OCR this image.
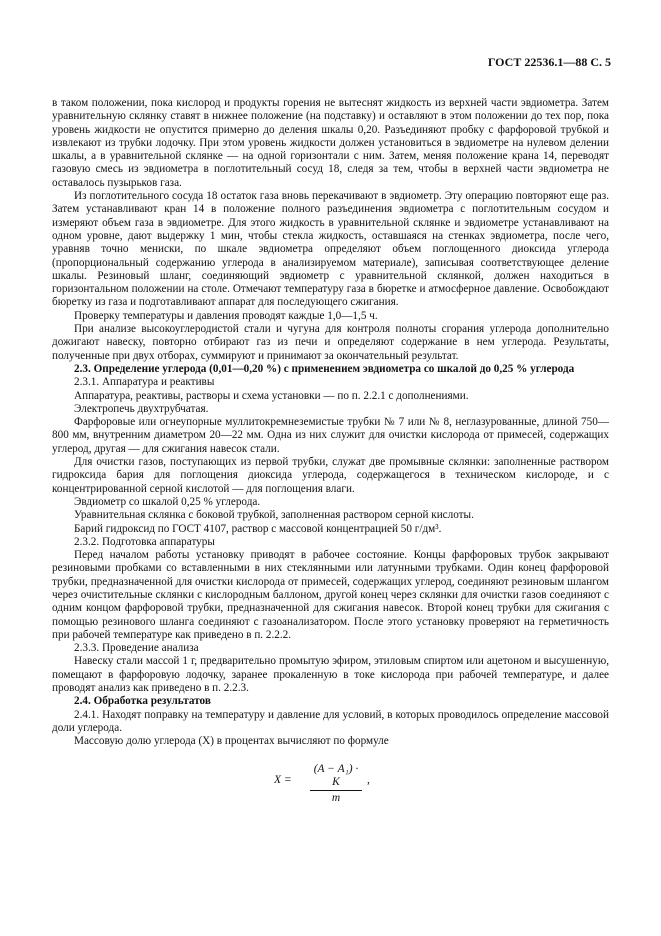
ГОСТ 22536.1—88 С. 5

в таком положении, пока кислород и продукты горения не вытеснят жидкость из верхней части эвдиометра. Затем уравнительную склянку ставят в нижнее положение (на подставку) и оставляют в этом положении до тех пор, пока уровень жидкости не опустится примерно до деления шкалы 0,20. Разъединяют пробку с фарфоровой трубкой и извлекают из трубки лодочку. При этом уровень жидкости должен установиться в эвдиометре на нулевом делении шкалы, а в уравнительной склянке — на одной горизонтали с ним. Затем, меняя положение крана 14, переводят газовую смесь из эвдиометра в поглотительный сосуд 18, следя за тем, чтобы в верхней части эвдиометра не оставалось пузырьков газа.

Из поглотительного сосуда 18 остаток газа вновь перекачивают в эвдиометр. Эту операцию повторяют еще раз. Затем устанавливают кран 14 в положение полного разъединения эвдиометра с поглотительным сосудом и измеряют объем газа в эвдиометре. Для этого жидкость в уравнительной склянке и эвдиометре устанавливают на одном уровне, дают выдержку 1 мин, чтобы стекла жидкость, оставшаяся на стенках эвдиометра, после чего, уравняв точно мениски, по шкале эвдиометра определяют объем поглощенного диоксида углерода (пропорциональный содержанию углерода в анализируемом материале), записывая соответствующее деление шкалы. Резиновый шланг, соединяющий эвдиометр с уравнительной склянкой, должен находиться в горизонтальном положении на столе. Отмечают температуру газа в бюретке и атмосферное давление. Освобождают бюретку из газа и подготавливают аппарат для последующего сжигания.

Проверку температуры и давления проводят каждые 1,0—1,5 ч.

При анализе высокоуглеродистой стали и чугуна для контроля полноты сгорания углерода дополнительно дожигают навеску, повторно отбирают газ из печи и определяют содержание в нем углерода. Результаты, полученные при двух отборах, суммируют и принимают за окончательный результат.

2.3. Определение углерода (0,01—0,20 %) с применением эвдиометра со шкалой до 0,25 % углерода

2.3.1. Аппаратура и реактивы

Аппаратура, реактивы, растворы и схема установки — по п. 2.2.1 с дополнениями.

Электропечь двухтрубчатая.

Фарфоровые или огнеупорные муллитокремнеземистые трубки № 7 или № 8, неглазурованные, длиной 750—800 мм, внутренним диаметром 20—22 мм. Одна из них служит для очистки кислорода от примесей, содержащих углерод, другая — для сжигания навесок стали.

Для очистки газов, поступающих из первой трубки, служат две промывные склянки: заполненные раствором гидроксида бария для поглощения диоксида углерода, содержащегося в техническом кислороде, и с концентрированной серной кислотой — для поглощения влаги.

Эвдиометр со шкалой 0,25 % углерода.

Уравнительная склянка с боковой трубкой, заполненная раствором серной кислоты.

Барий гидроксид по ГОСТ 4107, раствор с массовой концентрацией 50 г/дм³.

2.3.2. Подготовка аппаратуры

Перед началом работы установку приводят в рабочее состояние. Концы фарфоровых трубок закрывают резиновыми пробками со вставленными в них стеклянными или латунными трубками. Один конец фарфоровой трубки, предназначенной для очистки кислорода от примесей, содержащих углерод, соединяют резиновым шлангом через очистительные склянки с кислородным баллоном, другой конец через склянки для очистки газов соединяют с одним концом фарфоровой трубки, предназначенной для сжигания навесок. Второй конец трубки для сжигания с помощью резинового шланга соединяют с газоанализатором. После этого установку проверяют на герметичность при рабочей температуре как приведено в п. 2.2.2.

2.3.3. Проведение анализа

Навеску стали массой 1 г, предварительно промытую эфиром, этиловым спиртом или ацетоном и высушенную, помещают в фарфоровую лодочку, заранее прокаленную в токе кислорода при рабочей температуре, и далее проводят анализ как приведено в п. 2.2.3.

2.4. Обработка результатов

2.4.1. Находят поправку на температуру и давление для условий, в которых проводилось определение массовой доли углерода.

Массовую долю углерода (X) в процентах вычисляют по формуле

X =
(A − A₁) · K
m
,
